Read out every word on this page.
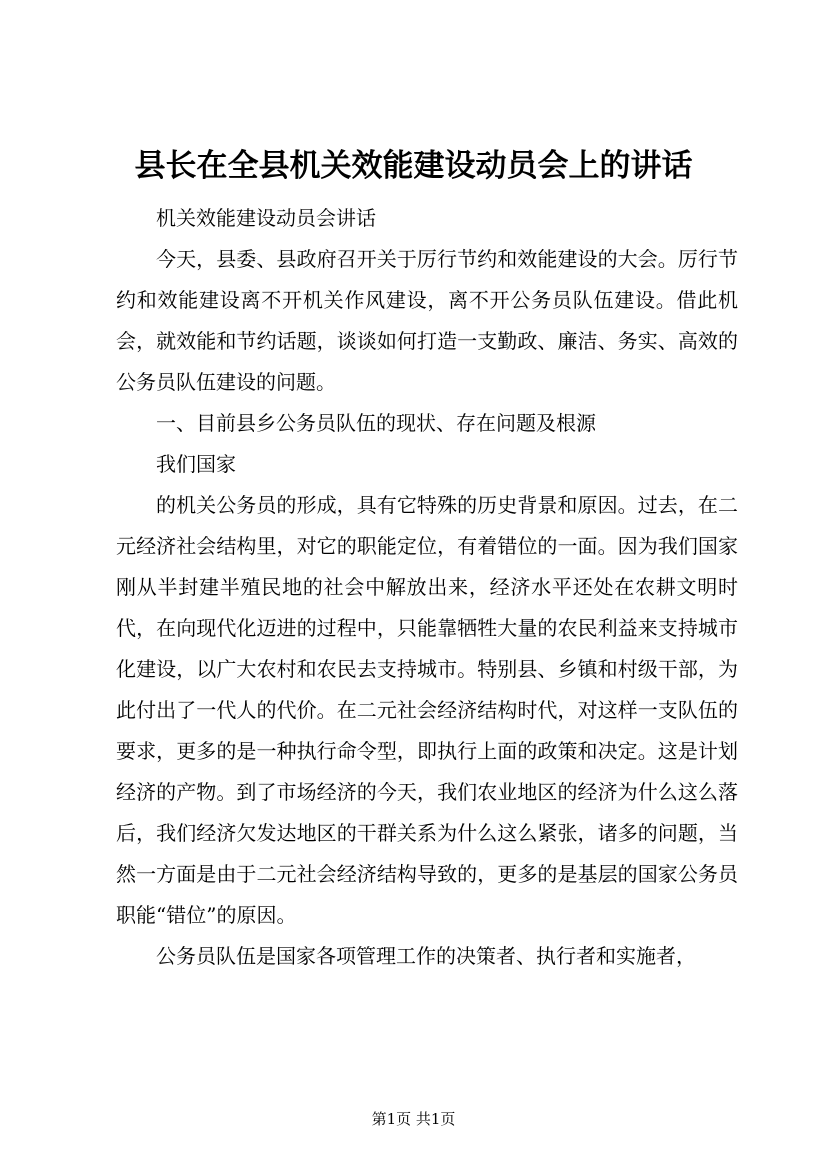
县长在全县机关效能建设动员会上的讲话

机关效能建设动员会讲话

今天，县委、县政府召开关于厉行节约和效能建设的大会。厉行节约和效能建设离不开机关作风建设，离不开公务员队伍建设。借此机会，就效能和节约话题，谈谈如何打造一支勤政、廉洁、务实、高效的公务员队伍建设的问题。

一、目前县乡公务员队伍的现状、存在问题及根源

我们国家

的机关公务员的形成，具有它特殊的历史背景和原因。过去，在二元经济社会结构里，对它的职能定位，有着错位的一面。因为我们国家刚从半封建半殖民地的社会中解放出来，经济水平还处在农耕文明时代，在向现代化迈进的过程中，只能靠牺牲大量的农民利益来支持城市化建设，以广大农村和农民去支持城市。特别县、乡镇和村级干部，为此付出了一代人的代价。在二元社会经济结构时代，对这样一支队伍的要求，更多的是一种执行命令型，即执行上面的政策和决定。这是计划经济的产物。到了市场经济的今天，我们农业地区的经济为什么这么落后，我们经济欠发达地区的干群关系为什么这么紧张，诸多的问题，当然一方面是由于二元社会经济结构导致的，更多的是基层的国家公务员职能“错位”的原因。

公务员队伍是国家各项管理工作的决策者、执行者和实施者，

第1页 共1页
